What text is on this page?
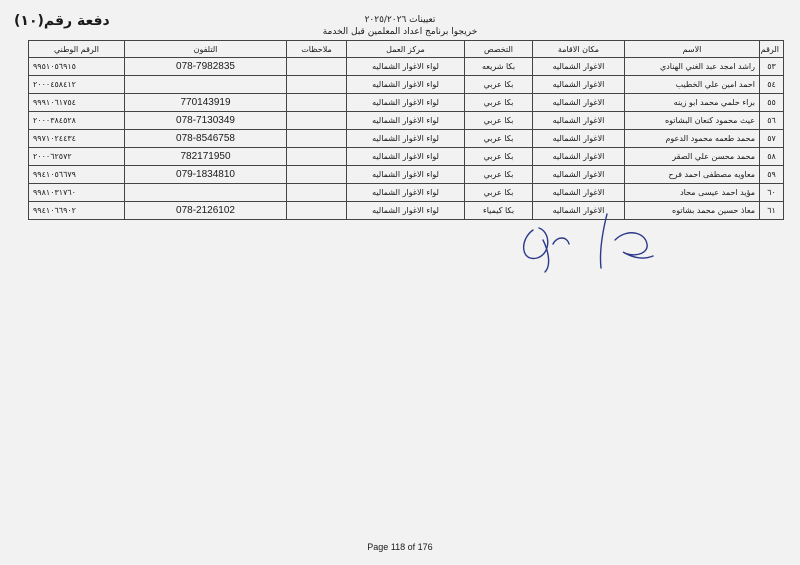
دفعة رقم(١٠)	تعيينات ٢٠٢٥/٢٠٢٦
خريجوا برنامج اعداد المعلمين قبل الخدمة
الرقم	الاسم	مكان الاقامة	التخصص	مركز العمل	ملاحظات	التلفون	الرقم الوطني
٥٣	راشد امجد عبد الغني الهنادي	الاغوار الشماليه	بكا شريعه	لواء الاغوار الشماليه		078-7982835	٩٩٥١٠٥٦٩١٥
٥٤	احمد امين علي الخطيب	الاغوار الشماليه	بكا عربي	لواء الاغوار الشماليه			٢٠٠٠٤٥٨٤١٢
٥٥	براء حلمي محمد ابو زينه	الاغوار الشماليه	بكا عربي	لواء الاغوار الشماليه		770143919	٩٩٩١٠٦١٧٥٤
٥٦	عيث محمود كنعان البشاتوه	الاغوار الشماليه	بكا عربي	لواء الاغوار الشماليه		078-7130349	٢٠٠٠٣٨٤٥٢٨
٥٧	محمد طعمه محمود الدعوم	الاغوار الشماليه	بكا عربي	لواء الاغوار الشماليه		078-8546758	٩٩٧١٠٢٤٤٣٤
٥٨	محمد محسن علي الصقر	الاغوار الشماليه	بكا عربي	لواء الاغوار الشماليه		782171950	٢٠٠٠٦٢٥٧٢
٥٩	معاويه مصطفى احمد فرح	الاغوار الشماليه	بكا عربي	لواء الاغوار الشماليه		079-1834810	٩٩٤١٠٥٦٦٧٩
٦٠	مؤيد احمد عيسى محاد	الاغوار الشماليه	بكا عربي	لواء الاغوار الشماليه			٩٩٨١٠٣١٧٦٠
٦١	معاذ حسين محمد بشاتوه	الاغوار الشماليه	بكا كيمياء	لواء الاغوار الشماليه		078-2126102	٩٩٤١٠٦٦٩٠٢
Page 118 of 176
